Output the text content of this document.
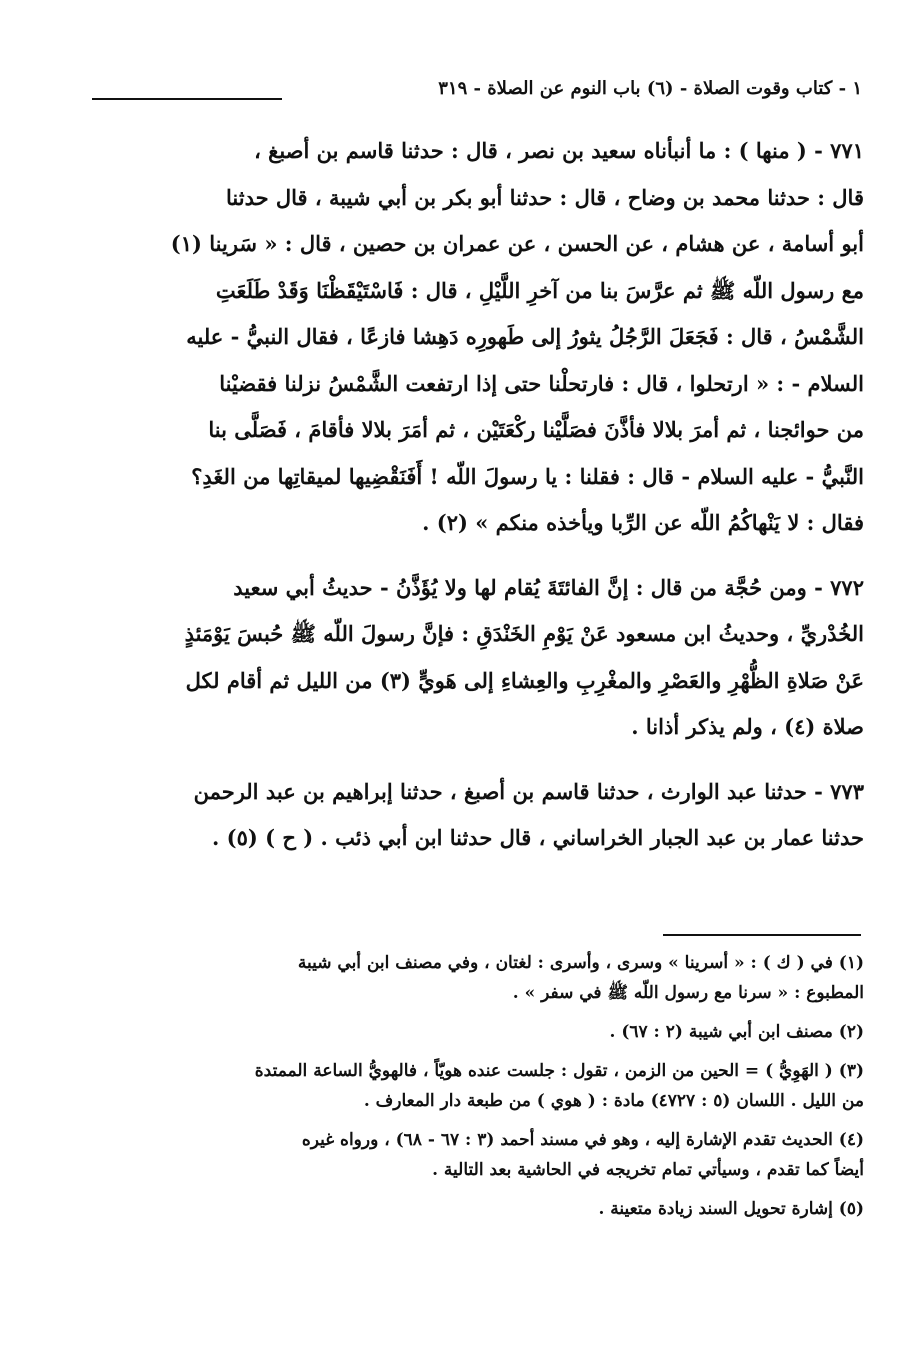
١ - كتاب وقوت الصلاة - (٦) باب النوم عن الصلاة - ٣١٩

٧٧١ - ( منها ) : ما أنبأناه سعيد بن نصر ، قال : حدثنا قاسم بن أصبغ ،
قال : حدثنا محمد بن وضاح ، قال : حدثنا أبو بكر بن أبي شيبة ، قال حدثنا
أبو أسامة ، عن هشام ، عن الحسن ، عن عمران بن حصين ، قال : « سَرينا (١)
مع رسول اللّه ﷺ ثم عرَّسَ بنا من آخرِ اللَّيْلِ ، قال : فَاسْتَيْقَظْنَا وَقَدْ طَلَعَتِ
الشَّمْسُ ، قال : فَجَعَلَ الرَّجُلُ يثورُ إلى طَهورِه دَهِشا فازعًا ، فقال النبيُّ - عليه
السلام - : « ارتحلوا ، قال : فارتحلْنا حتى إذا ارتفعت الشَّمْسُ نزلنا فقضيْنا
من حوائجنا ، ثم أمرَ بلالا فأذَّنَ فصَلَّيْنا ركْعَتَيْن ، ثم أمَرَ بلالا فأقامَ ، فَصَلَّى بنا
النَّبيُّ - عليه السلام - قال : فقلنا : يا رسولَ اللّه ! أَفَنَقْضِيها لميقاتِها من الغَدِ؟
فقال : لا يَنْهاكُمُ اللّه عن الرِّبا ويأخذه منكم » (٢) .

٧٧٢ - ومن حُجَّة من قال : إنَّ الفائتَةَ يُقام لها ولا يُؤَذَّنُ - حديثُ أبي سعيد
الخُدْريِّ ، وحديثُ ابن مسعود عَنْ يَوْمِ الخَنْدَقِ : فإنَّ رسولَ اللّه ﷺ حُبسَ يَوْمَئذٍ
عَنْ صَلاةِ الظُّهْرِ والعَصْرِ والمغْرِبِ والعِشاءِ إلى هَويٍّ (٣) من الليل ثم أقام لكل
صلاة (٤) ، ولم يذكر أذانا .

٧٧٣ - حدثنا عبد الوارث ، حدثنا قاسم بن أصبغ ، حدثنا إبراهيم بن عبد الرحمن
حدثنا عمار بن عبد الجبار الخراساني ، قال حدثنا ابن أبي ذئب . ( ح ) (٥) .

(١) في ( ك ) : « أسرينا » وسرى ، وأسرى : لغتان ، وفي مصنف ابن أبي شيبة
المطبوع : « سرنا مع رسول اللّه ﷺ في سفر » .

(٢) مصنف ابن أبي شيبة (٢ : ٦٧) .

(٣) ( الهَوِيُّ ) = الحين من الزمن ، تقول : جلست عنده هويّاً ، فالهويُّ الساعة الممتدة
من الليل . اللسان (٥ : ٤٧٢٧) مادة : ( هوي ) من طبعة دار المعارف .

(٤) الحديث تقدم الإشارة إليه ، وهو في مسند أحمد (٣ : ٦٧ - ٦٨) ، ورواه غيره
أيضاً كما تقدم ، وسيأتي تمام تخريجه في الحاشية بعد التالية .

(٥) إشارة تحويل السند زيادة متعينة .
